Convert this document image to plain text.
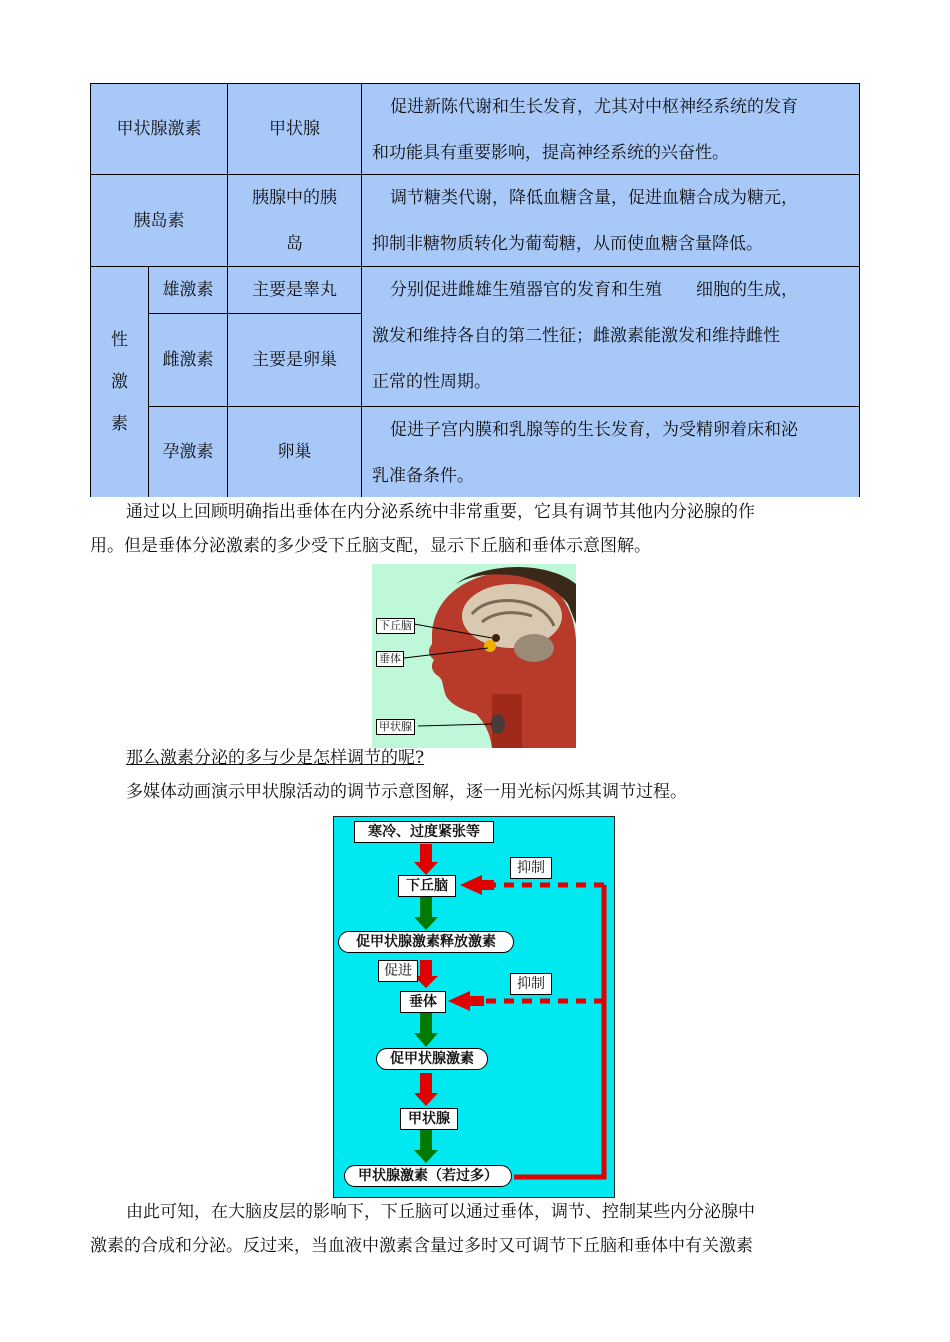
甲状腺激素	甲状腺
促进新陈代谢和生长发育，尤其对中枢神经系统的发育
和功能具有重要影响，提高神经系统的兴奋性。
胰岛素
胰腺中的胰
岛
调节糖类代谢，降低血糖含量，促进血糖合成为糖元，
抑制非糖物质转化为葡萄糖，从而使血糖含量降低。
性
激
素
雄激素 主要是睾丸
雌激素 主要是卵巢
分别促进雌雄生殖器官的发育和生殖　　细胞的生成，
激发和维持各自的第二性征；雌激素能激发和维持雌性
正常的性周期。
孕激素	卵巢
促进子宫内膜和乳腺等的生长发育，为受精卵着床和泌
乳准备条件。
通过以上回顾明确指出垂体在内分泌系统中非常重要，它具有调节其他内分泌腺的作
用。但是垂体分泌激素的多少受下丘脑支配，显示下丘脑和垂体示意图解。
下丘脑
垂体
甲状腺
那么激素分泌的多与少是怎样调节的呢?
多媒体动画演示甲状腺活动的调节示意图解，逐一用光标闪烁其调节过程。
寒冷、过度紧张等
下丘脑
促甲状腺激素释放激素
促进
垂体
促甲状腺激素
甲状腺
甲状腺激素（若过多）
抑制
抑制
由此可知，在大脑皮层的影响下，下丘脑可以通过垂体，调节、控制某些内分泌腺中
激素的合成和分泌。反过来，当血液中激素含量过多时又可调节下丘脑和垂体中有关激素
